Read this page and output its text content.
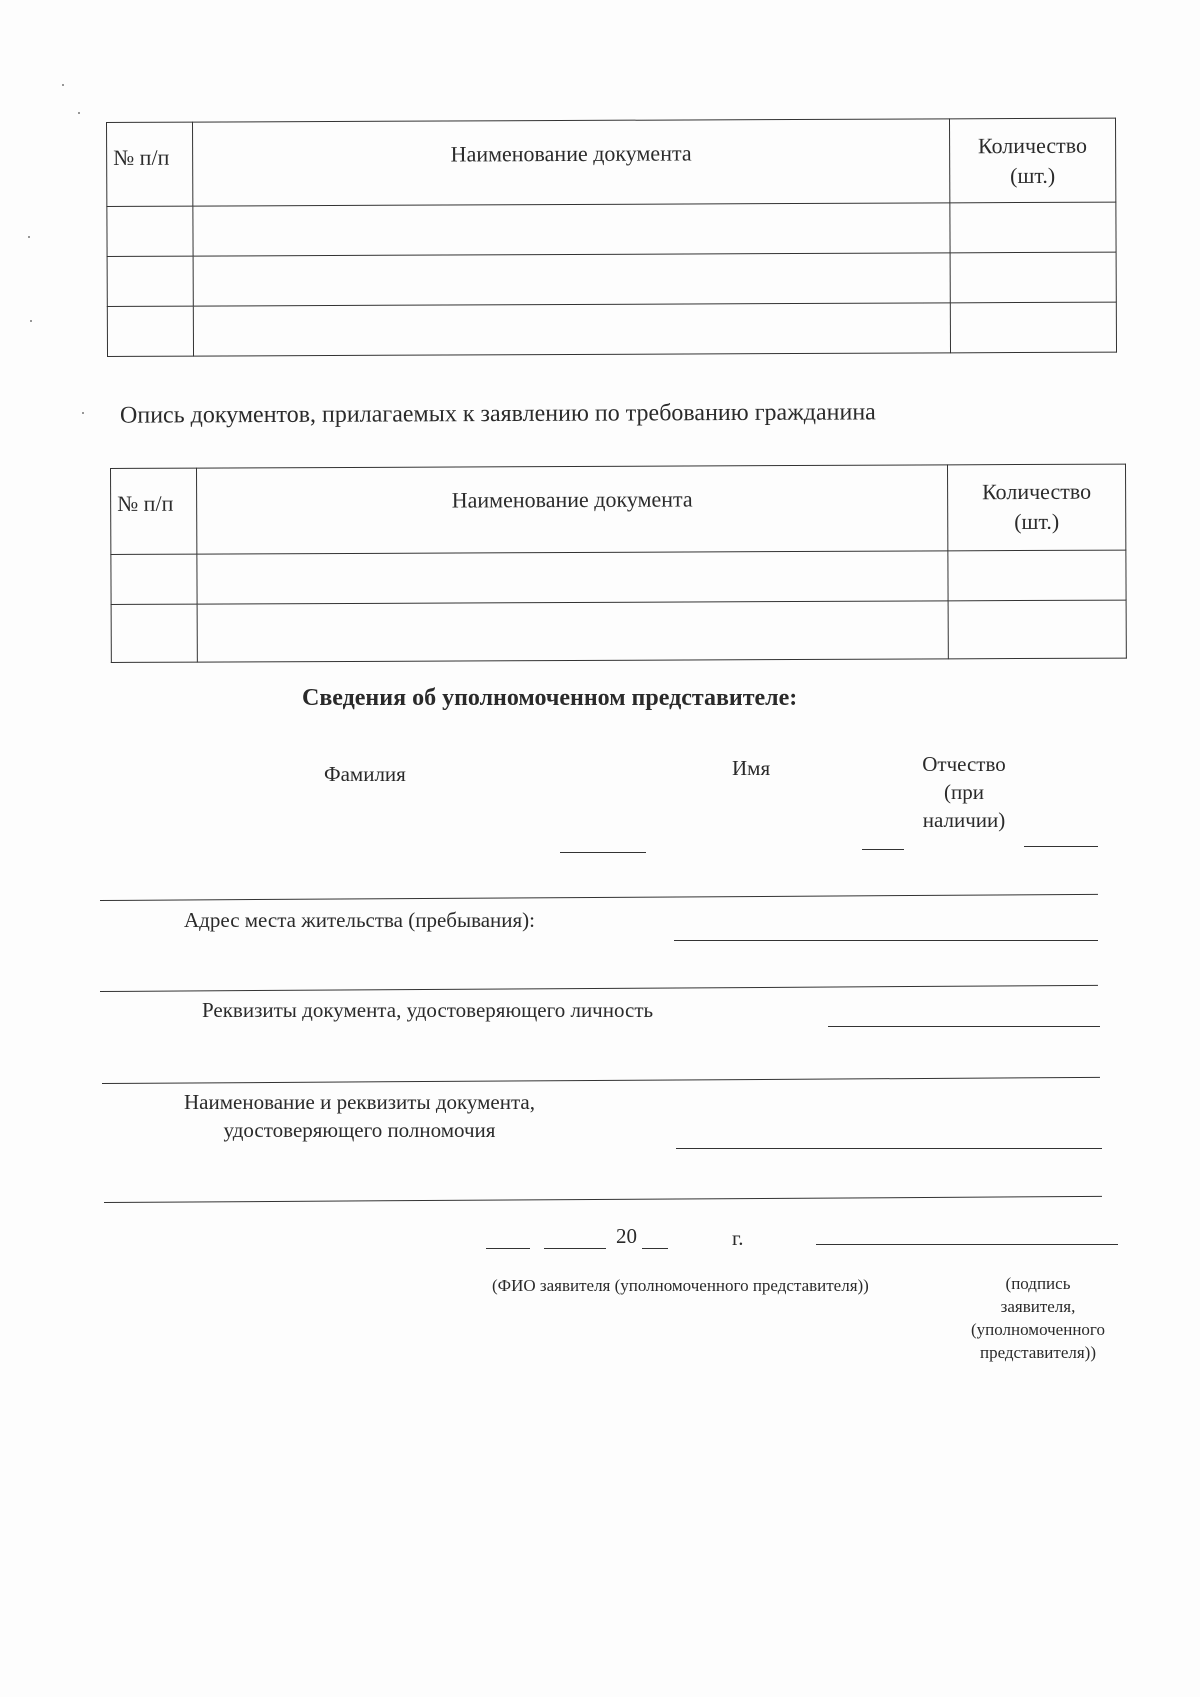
№ п/п	Наименование документа	Количество
(шт.)

Опись документов, прилагаемых к заявлению по требованию гражданина
№ п/п	Наименование документа	Количество
(шт.)

Сведения об уполномоченном представителе:
Фамилия	Имя	Отчество
(при
наличии)
Адрес места жительства (пребывания):
Реквизиты документа, удостоверяющего личность
Наименование и реквизиты документа,
удостоверяющего полномочия
20	г.
(ФИО заявителя (уполномоченного представителя))	(подпись
заявителя,
(уполномоченного
представителя))
